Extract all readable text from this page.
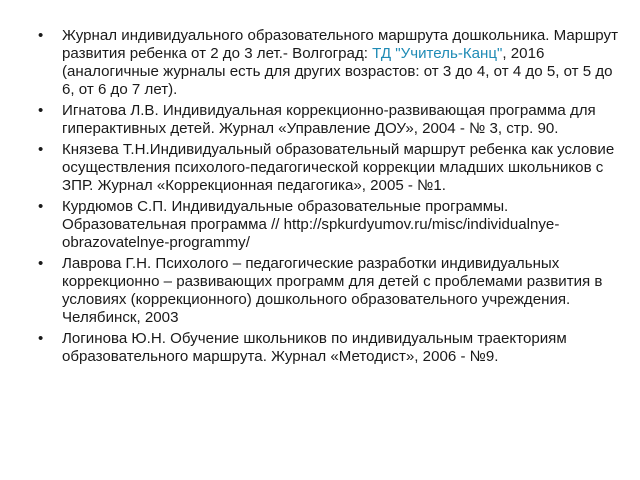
•	Журнал индивидуального образовательного маршрута дошкольника. Маршрут развития ребенка от 2 до 3 лет.- Волгоград: ТД "Учитель-Канц", 2016 (аналогичные журналы есть для других возрастов: от 3 до 4, от 4 до 5, от 5 до 6, от 6 до 7 лет).
•	Игнатова Л.В. Индивидуальная коррекционно-развивающая программа для гиперактивных детей. Журнал «Управление ДОУ», 2004 - № 3, стр. 90.
•	Князева Т.Н.Индивидуальный образовательный маршрут ребенка как условие осуществления психолого-педагогической коррекции младших школьников с ЗПР. Журнал «Коррекционная педагогика», 2005 - №1.
•	Курдюмов С.П. Индивидуальные образовательные программы. Образовательная программа // http://spkurdyumov.ru/misc/individualnye-obrazovatelnye-programmy/
•	Лаврова Г.Н. Психолого – педагогические разработки индивидуальных коррекционно – развивающих программ для детей с проблемами развития в условиях (коррекционного) дошкольного образовательного учреждения. Челябинск, 2003
•	Логинова Ю.Н. Обучение школьников по индивидуальным траекториям образовательного маршрута. Журнал «Методист», 2006 - №9.
